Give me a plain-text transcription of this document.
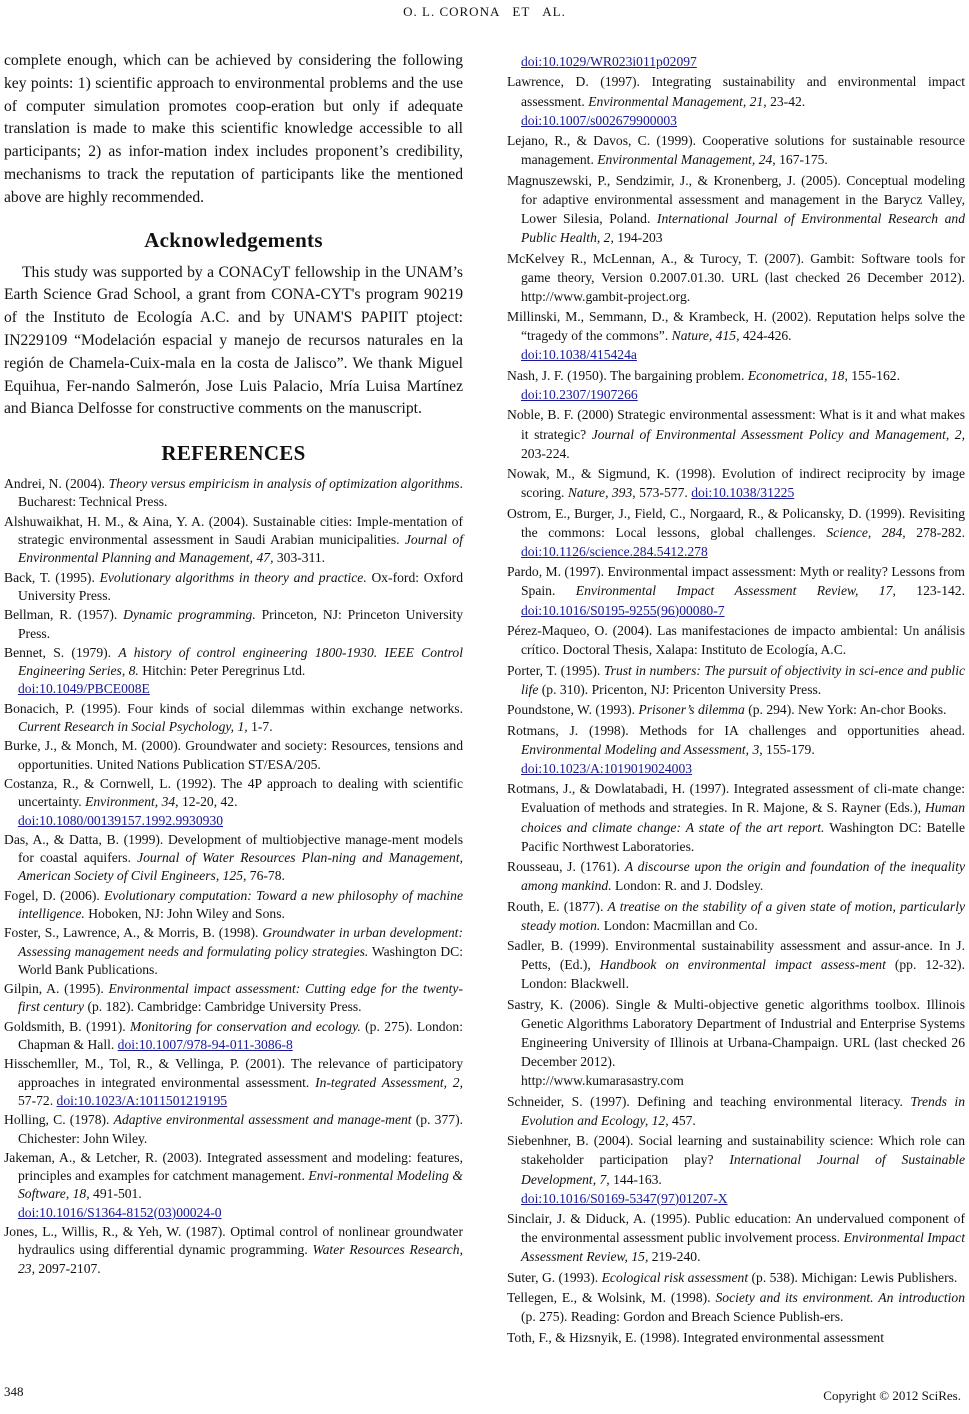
O. L. CORONA   ET   AL.

complete enough, which can be achieved by considering the following key points: 1) scientific approach to environmental problems and the use of computer simulation promotes coop-eration but only if adequate translation is made to make this scientific knowledge accessible to all participants; 2) as infor-mation index includes proponent’s credibility, mechanisms to track the reputation of participants like the mentioned above are highly recommended.

Acknowledgements

This study was supported by a CONACyT fellowship in the UNAM’s Earth Science Grad School, a grant from CONA-CYT's program 90219 of the Instituto de Ecología A.C. and by UNAM'S PAPIIT ptoject: IN229109 “Modelación espacial y manejo de recursos naturales en la región de Chamela-Cuix-mala en la costa de Jalisco”. We thank Miguel Equihua, Fer-nando Salmerón, Jose Luis Palacio, Mría Luisa Martínez and Bianca Delfosse for constructive comments on the manuscript.

REFERENCES

Andrei, N. (2004). Theory versus empiricism in analysis of optimization algorithms. Bucharest: Technical Press.

Alshuwaikhat, H. M., & Aina, Y. A. (2004). Sustainable cities: Imple-mentation of strategic environmental assessment in Saudi Arabian municipalities. Journal of Environmental Planning and Management, 47, 303-311.

Back, T. (1995). Evolutionary algorithms in theory and practice. Ox-ford: Oxford University Press.

Bellman, R. (1957). Dynamic programming. Princeton, NJ: Princeton University Press.

Bennet, S. (1979). A history of control engineering 1800-1930. IEEE Control Engineering Series, 8. Hitchin: Peter Peregrinus Ltd.
doi:10.1049/PBCE008E

Bonacich, P. (1995). Four kinds of social dilemmas within exchange networks. Current Research in Social Psychology, 1, 1-7.

Burke, J., & Monch, M. (2000). Groundwater and society: Resources, tensions and opportunities. United Nations Publication ST/ESA/205.

Costanza, R., & Cornwell, L. (1992). The 4P approach to dealing with scientific uncertainty. Environment, 34, 12-20, 42.
doi:10.1080/00139157.1992.9930930

Das, A., & Datta, B. (1999). Development of multiobjective manage-ment models for coastal aquifers. Journal of Water Resources Plan-ning and Management, American Society of Civil Engineers, 125, 76-78.

Fogel, D. (2006). Evolutionary computation: Toward a new philosophy of machine intelligence. Hoboken, NJ: John Wiley and Sons.

Foster, S., Lawrence, A., & Morris, B. (1998). Groundwater in urban development: Assessing management needs and formulating policy strategies. Washington DC: World Bank Publications.

Gilpin, A. (1995). Environmental impact assessment: Cutting edge for the twenty-first century (p. 182). Cambridge: Cambridge University Press.

Goldsmith, B. (1991). Monitoring for conservation and ecology. (p. 275). London: Chapman & Hall. doi:10.1007/978-94-011-3086-8

Hisschemller, M., Tol, R., & Vellinga, P. (2001). The relevance of participatory approaches in integrated environmental assessment. In-tegrated Assessment, 2, 57-72. doi:10.1023/A:1011501219195

Holling, C. (1978). Adaptive environmental assessment and manage-ment (p. 377). Chichester: John Wiley.

Jakeman, A., & Letcher, R. (2003). Integrated assessment and modeling: features, principles and examples for catchment management. Envi-ronmental Modeling & Software, 18, 491-501.
doi:10.1016/S1364-8152(03)00024-0

Jones, L., Willis, R., & Yeh, W. (1987). Optimal control of nonlinear groundwater hydraulics using differential dynamic programming. Water Resources Research, 23, 2097-2107.

doi:10.1029/WR023i011p02097

Lawrence, D. (1997). Integrating sustainability and environmental impact assessment. Environmental Management, 21, 23-42.
doi:10.1007/s002679900003

Lejano, R., & Davos, C. (1999). Cooperative solutions for sustainable resource management. Environmental Management, 24, 167-175.

Magnuszewski, P., Sendzimir, J., & Kronenberg, J. (2005). Conceptual modeling for adaptive environmental assessment and management in the Barycz Valley, Lower Silesia, Poland. International Journal of Environmental Research and Public Health, 2, 194-203

McKelvey R., McLennan, A., & Turocy, T. (2007). Gambit: Software tools for game theory, Version 0.2007.01.30. URL (last checked 26 December 2012). http://www.gambit-project.org.

Millinski, M., Semmann, D., & Krambeck, H. (2002). Reputation helps solve the “tragedy of the commons”. Nature, 415, 424-426.
doi:10.1038/415424a

Nash, J. F. (1950). The bargaining problem. Econometrica, 18, 155-162.
doi:10.2307/1907266

Noble, B. F. (2000) Strategic environmental assessment: What is it and what makes it strategic? Journal of Environmental Assessment Policy and Management, 2, 203-224.

Nowak, M., & Sigmund, K. (1998). Evolution of indirect reciprocity by image scoring. Nature, 393, 573-577. doi:10.1038/31225

Ostrom, E., Burger, J., Field, C., Norgaard, R., & Policansky, D. (1999). Revisiting the commons: Local lessons, global challenges. Science, 284, 278-282. doi:10.1126/science.284.5412.278

Pardo, M. (1997). Environmental impact assessment: Myth or reality? Lessons from Spain. Environmental Impact Assessment Review, 17, 123-142. doi:10.1016/S0195-9255(96)00080-7

Pérez-Maqueo, O. (2004). Las manifestaciones de impacto ambiental: Un análisis crítico. Doctoral Thesis, Xalapa: Instituto de Ecología, A.C.

Porter, T. (1995). Trust in numbers: The pursuit of objectivity in sci-ence and public life (p. 310). Pricenton, NJ: Pricenton University Press.

Poundstone, W. (1993). Prisoner’s dilemma (p. 294). New York: An-chor Books.

Rotmans, J. (1998). Methods for IA challenges and opportunities ahead. Environmental Modeling and Assessment, 3, 155-179.
doi:10.1023/A:1019019024003

Rotmans, J., & Dowlatabadi, H. (1997). Integrated assessment of cli-mate change: Evaluation of methods and strategies. In R. Majone, & S. Rayner (Eds.), Human choices and climate change: A state of the art report. Washington DC: Batelle Pacific Northwest Laboratories.

Rousseau, J. (1761). A discourse upon the origin and foundation of the inequality among mankind. London: R. and J. Dodsley.

Routh, E. (1877). A treatise on the stability of a given state of motion, particularly steady motion. London: Macmillan and Co.

Sadler, B. (1999). Environmental sustainability assessment and assur-ance. In J. Petts, (Ed.), Handbook on environmental impact assess-ment (pp. 12-32). London: Blackwell.

Sastry, K. (2006). Single & Multi-objective genetic algorithms toolbox. Illinois Genetic Algorithms Laboratory Department of Industrial and Enterprise Systems Engineering University of Illinois at Urbana-Champaign. URL (last checked 26 December 2012).
http://www.kumarasastry.com

Schneider, S. (1997). Defining and teaching environmental literacy. Trends in Evolution and Ecology, 12, 457.

Siebenhner, B. (2004). Social learning and sustainability science: Which role can stakeholder participation play? International Journal of Sustainable Development, 7, 144-163.
doi:10.1016/S0169-5347(97)01207-X

Sinclair, J. & Diduck, A. (1995). Public education: An undervalued component of the environmental assessment public involvement process. Environmental Impact Assessment Review, 15, 219-240.

Suter, G. (1993). Ecological risk assessment (p. 538). Michigan: Lewis Publishers.

Tellegen, E., & Wolsink, M. (1998). Society and its environment. An introduction (p. 275). Reading: Gordon and Breach Science Publish-ers.

Toth, F., & Hizsnyik, E. (1998). Integrated environmental assessment

348	Copyright © 2012 SciRes.
